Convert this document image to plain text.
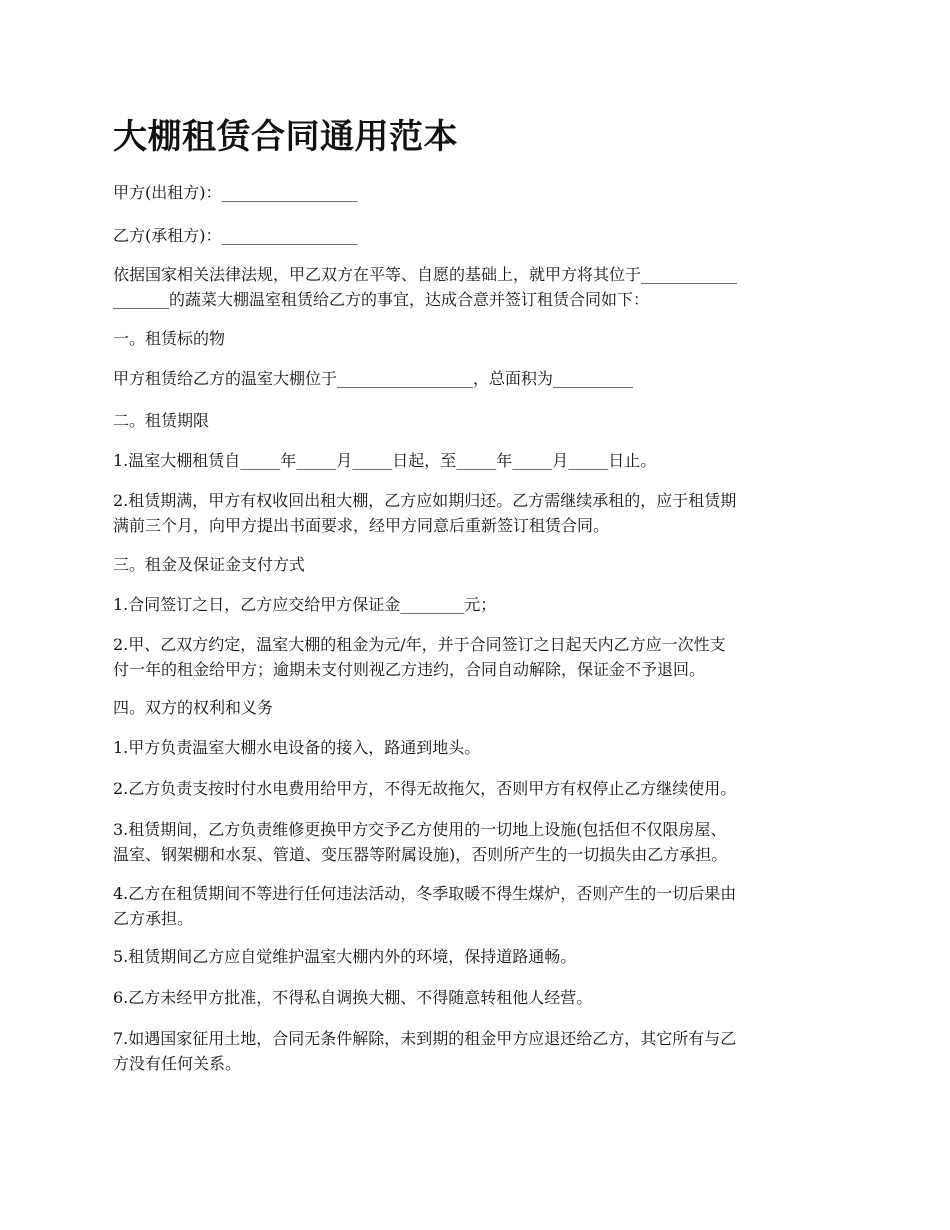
大棚租赁合同通用范本

甲方(出租方)：_________________

乙方(承租方)：_________________

依据国家相关法律法规，甲乙双方在平等、自愿的基础上，就甲方将其位于____________
_______的蔬菜大棚温室租赁给乙方的事宜，达成合意并签订租赁合同如下：

一。租赁标的物

甲方租赁给乙方的温室大棚位于_________________，总面积为__________

二。租赁期限

1.温室大棚租赁自_____年_____月_____日起，至_____年_____月_____日止。

2.租赁期满，甲方有权收回出租大棚，乙方应如期归还。乙方需继续承租的，应于租赁期
满前三个月，向甲方提出书面要求，经甲方同意后重新签订租赁合同。

三。租金及保证金支付方式

1.合同签订之日，乙方应交给甲方保证金________元；

2.甲、乙双方约定，温室大棚的租金为元/年，并于合同签订之日起天内乙方应一次性支
付一年的租金给甲方；逾期未支付则视乙方违约，合同自动解除，保证金不予退回。

四。双方的权利和义务

1.甲方负责温室大棚水电设备的接入，路通到地头。

2.乙方负责支按时付水电费用给甲方，不得无故拖欠，否则甲方有权停止乙方继续使用。

3.租赁期间，乙方负责维修更换甲方交予乙方使用的一切地上设施(包括但不仅限房屋、
温室、钢架棚和水泵、管道、变压器等附属设施)，否则所产生的一切损失由乙方承担。

4.乙方在租赁期间不等进行任何违法活动，冬季取暖不得生煤炉，否则产生的一切后果由
乙方承担。

5.租赁期间乙方应自觉维护温室大棚内外的环境，保持道路通畅。

6.乙方未经甲方批准，不得私自调换大棚、不得随意转租他人经营。

7.如遇国家征用土地，合同无条件解除，未到期的租金甲方应退还给乙方，其它所有与乙
方没有任何关系。
